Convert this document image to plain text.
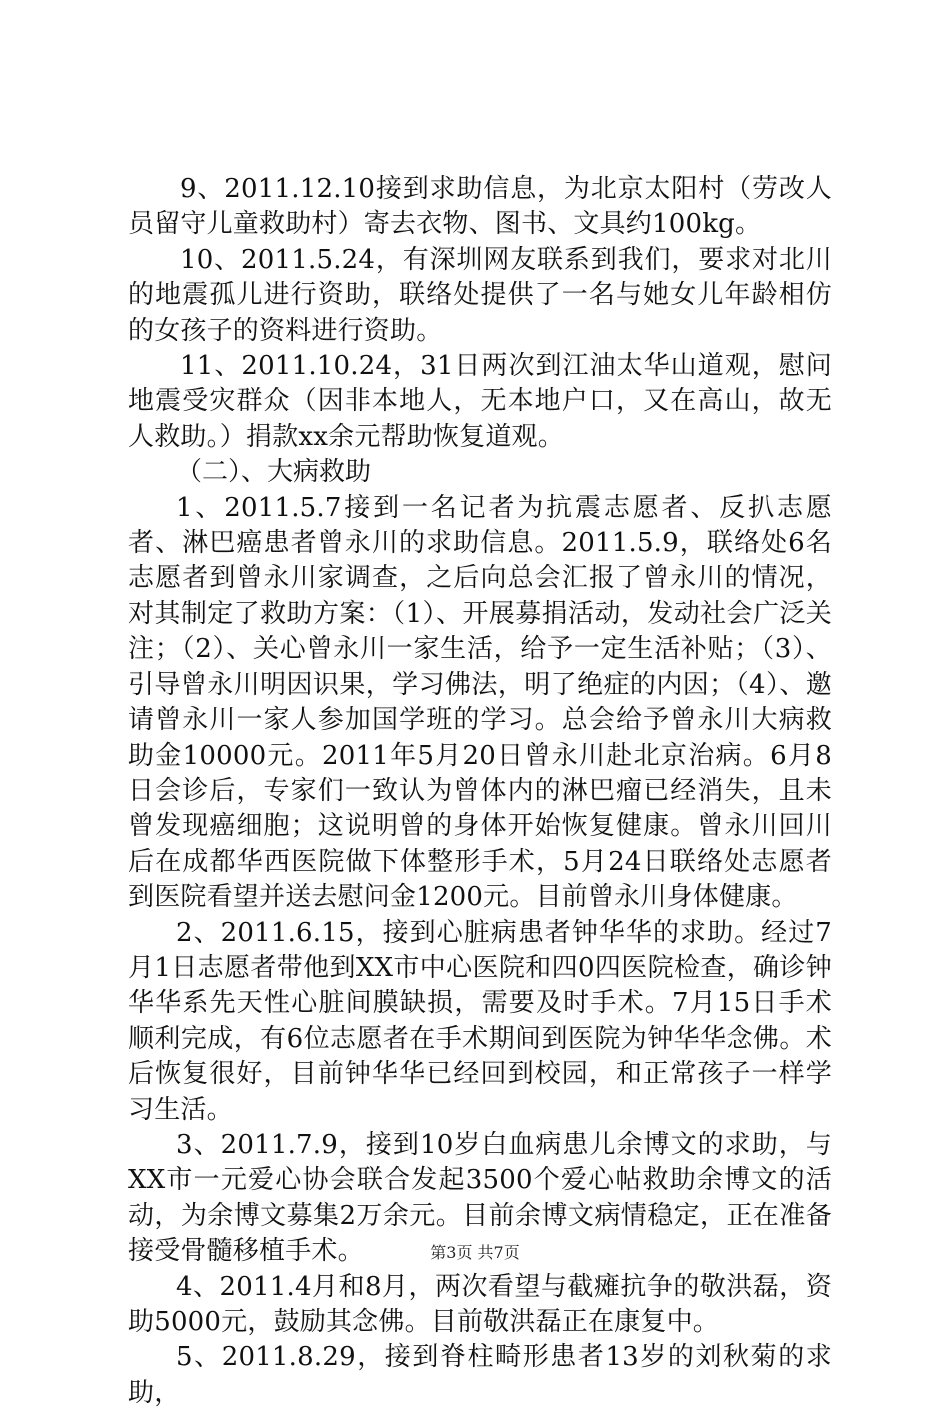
9、2011.12.10接到求助信息，为北京太阳村（劳改人员留守儿童救助村）寄去衣物、图书、文具约100kg。

10、2011.5.24，有深圳网友联系到我们，要求对北川的地震孤儿进行资助，联络处提供了一名与她女儿年龄相仿的女孩子的资料进行资助。

11、2011.10.24，31日两次到江油太华山道观，慰问地震受灾群众（因非本地人，无本地户口，又在高山，故无人救助。）捐款xx余元帮助恢复道观。

（二）、大病救助

1、2011.5.7接到一名记者为抗震志愿者、反扒志愿者、淋巴癌患者曾永川的求助信息。2011.5.9，联络处6名志愿者到曾永川家调查，之后向总会汇报了曾永川的情况，对其制定了救助方案：（1）、开展募捐活动，发动社会广泛关注；（2）、关心曾永川一家生活，给予一定生活补贴；（3）、引导曾永川明因识果，学习佛法，明了绝症的内因；（4）、邀请曾永川一家人参加国学班的学习。总会给予曾永川大病救助金10000元。2011年5月20日曾永川赴北京治病。6月8日会诊后，专家们一致认为曾体内的淋巴瘤已经消失，且未曾发现癌细胞；这说明曾的身体开始恢复健康。曾永川回川后在成都华西医院做下体整形手术，5月24日联络处志愿者到医院看望并送去慰问金1200元。目前曾永川身体健康。

2、2011.6.15，接到心脏病患者钟华华的求助。经过7月1日志愿者带他到XX市中心医院和四0四医院检查，确诊钟华华系先天性心脏间膜缺损，需要及时手术。7月15日手术顺利完成，有6位志愿者在手术期间到医院为钟华华念佛。术后恢复很好，目前钟华华已经回到校园，和正常孩子一样学习生活。

3、2011.7.9，接到10岁白血病患儿余博文的求助，与XX市一元爱心协会联合发起3500个爱心帖救助余博文的活动，为余博文募集2万余元。目前余博文病情稳定，正在准备接受骨髓移植手术。

4、2011.4月和8月，两次看望与截瘫抗争的敬洪磊，资助5000元，鼓励其念佛。目前敬洪磊正在康复中。

5、2011.8.29，接到脊柱畸形患者13岁的刘秋菊的求助，

第3页 共7页
